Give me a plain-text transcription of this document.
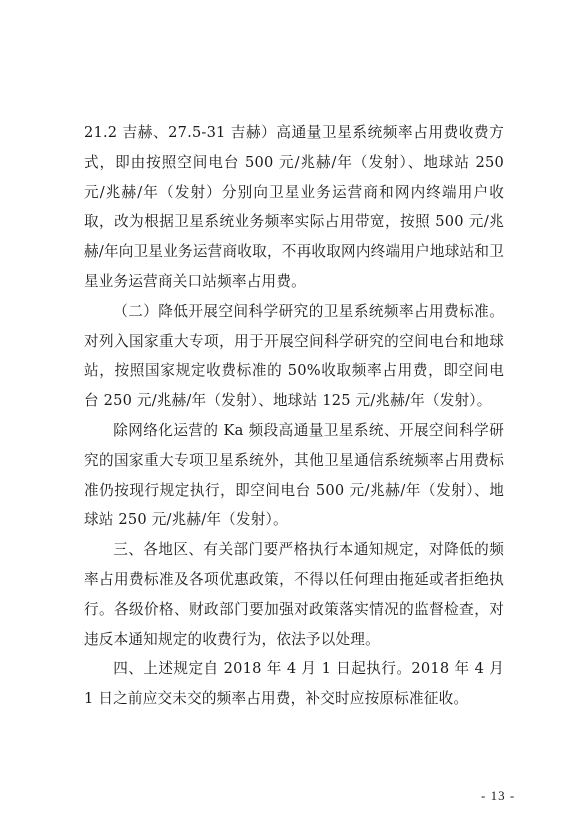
21.2 吉赫、27.5-31 吉赫）高通量卫星系统频率占用费收费方式，即由按照空间电台 500 元/兆赫/年（发射）、地球站 250 元/兆赫/年（发射）分别向卫星业务运营商和网内终端用户收取，改为根据卫星系统业务频率实际占用带宽，按照 500 元/兆赫/年向卫星业务运营商收取，不再收取网内终端用户地球站和卫星业务运营商关口站频率占用费。

（二）降低开展空间科学研究的卫星系统频率占用费标准。对列入国家重大专项，用于开展空间科学研究的空间电台和地球站，按照国家规定收费标准的 50%收取频率占用费，即空间电台 250 元/兆赫/年（发射）、地球站 125 元/兆赫/年（发射）。

除网络化运营的 Ka 频段高通量卫星系统、开展空间科学研究的国家重大专项卫星系统外，其他卫星通信系统频率占用费标准仍按现行规定执行，即空间电台 500 元/兆赫/年（发射）、地球站 250 元/兆赫/年（发射）。

三、各地区、有关部门要严格执行本通知规定，对降低的频率占用费标准及各项优惠政策，不得以任何理由拖延或者拒绝执行。各级价格、财政部门要加强对政策落实情况的监督检查，对违反本通知规定的收费行为，依法予以处理。

四、上述规定自 2018 年 4 月 1 日起执行。2018 年 4 月 1 日之前应交未交的频率占用费，补交时应按原标准征收。

- 13 -
